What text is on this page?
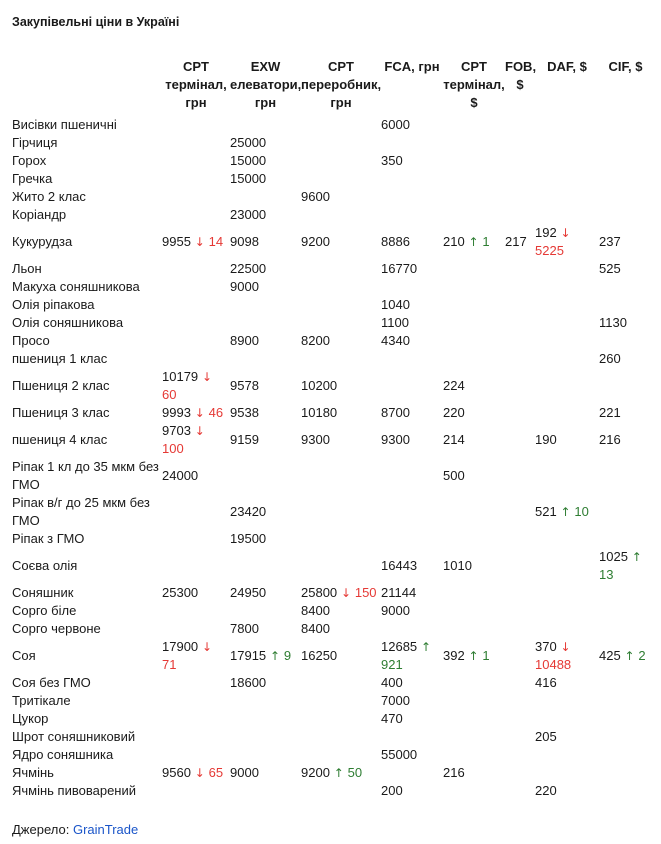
Закупівельні ціни в Україні
	CPT термінал, грн	EXW елеватори, грн	CPT переробник, грн	FCA, грн	CPT термінал, $	FOB, $	DAF, $	CIF, $
Висівки пшеничні				6000				
Гірчиця		25000						
Горох		15000		350				
Гречка		15000						
Жито 2 клас			9600					
Коріандр		23000						
Кукурудза	9955 ↓ 14	9098	9200	8886	210 ↑ 1	217	192 ↓ 5225	237
Льон		22500		16770				525
Макуха соняшникова		9000						
Олія ріпакова				1040				
Олія соняшникова				1100				1130
Просо		8900	8200	4340				
пшениця 1 клас								260
Пшениця 2 клас	10179 ↓ 60	9578	10200		224			
Пшениця 3 клас	9993 ↓ 46	9538	10180	8700	220			221
пшениця 4 клас	9703 ↓ 100	9159	9300	9300	214		190	216
Ріпак 1 кл до 35 мкм без ГМО	24000				500			
Ріпак в/г до 25 мкм без ГМО		23420					521 ↑ 10	
Ріпак з ГМО		19500						
Соєва олія				16443	1010			1025 ↑ 13
Соняшник	25300	24950	25800 ↓ 150	21144				
Сорго біле			8400	9000				
Сорго червоне		7800	8400					
Соя	17900 ↓ 71	17915 ↑ 9	16250	12685 ↑ 921	392 ↑ 1		370 ↓ 10488	425 ↑ 2
Соя без ГМО		18600		400			416	
Тритікале				7000				
Цукор				470				
Шрот соняшниковий							205	
Ядро соняшника				55000				
Ячмінь	9560 ↓ 65	9000	9200 ↑ 50		216			
Ячмінь пивоварений				200			220	
Джерело: GrainTrade
